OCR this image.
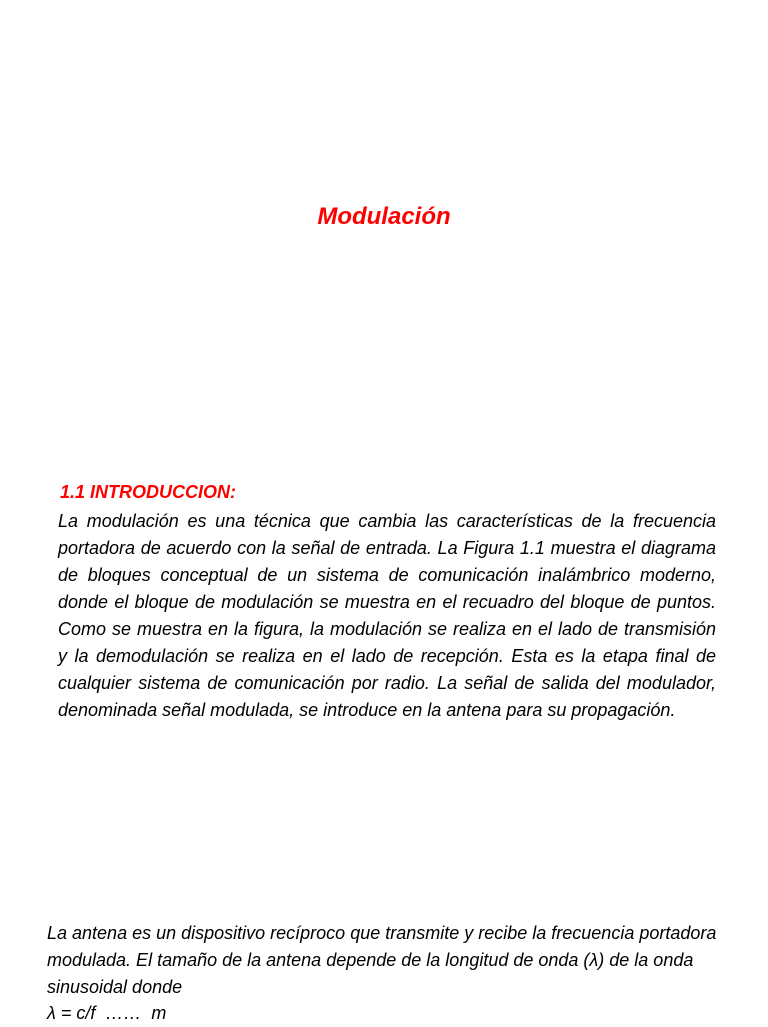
Modulación
1.1 INTRODUCCION:

La modulación es una técnica que cambia las características de la frecuencia portadora de acuerdo con la señal de entrada. La Figura 1.1 muestra el diagrama de bloques conceptual de un sistema de comunicación inalámbrico moderno, donde el bloque de modulación se muestra en el recuadro del bloque de puntos. Como se muestra en la figura, la modulación se realiza en el lado de transmisión y la demodulación se realiza en el lado de recepción. Esta es la etapa final de cualquier sistema de comunicación por radio. La señal de salida del modulador, denominada señal modulada, se introduce en la antena para su propagación.

La antena es un dispositivo recíproco que transmite y recibe la frecuencia portadora modulada. El tamaño de la antena depende de la longitud de onda (λ) de la onda sinusoidal donde

λ = c/f  ……  m
